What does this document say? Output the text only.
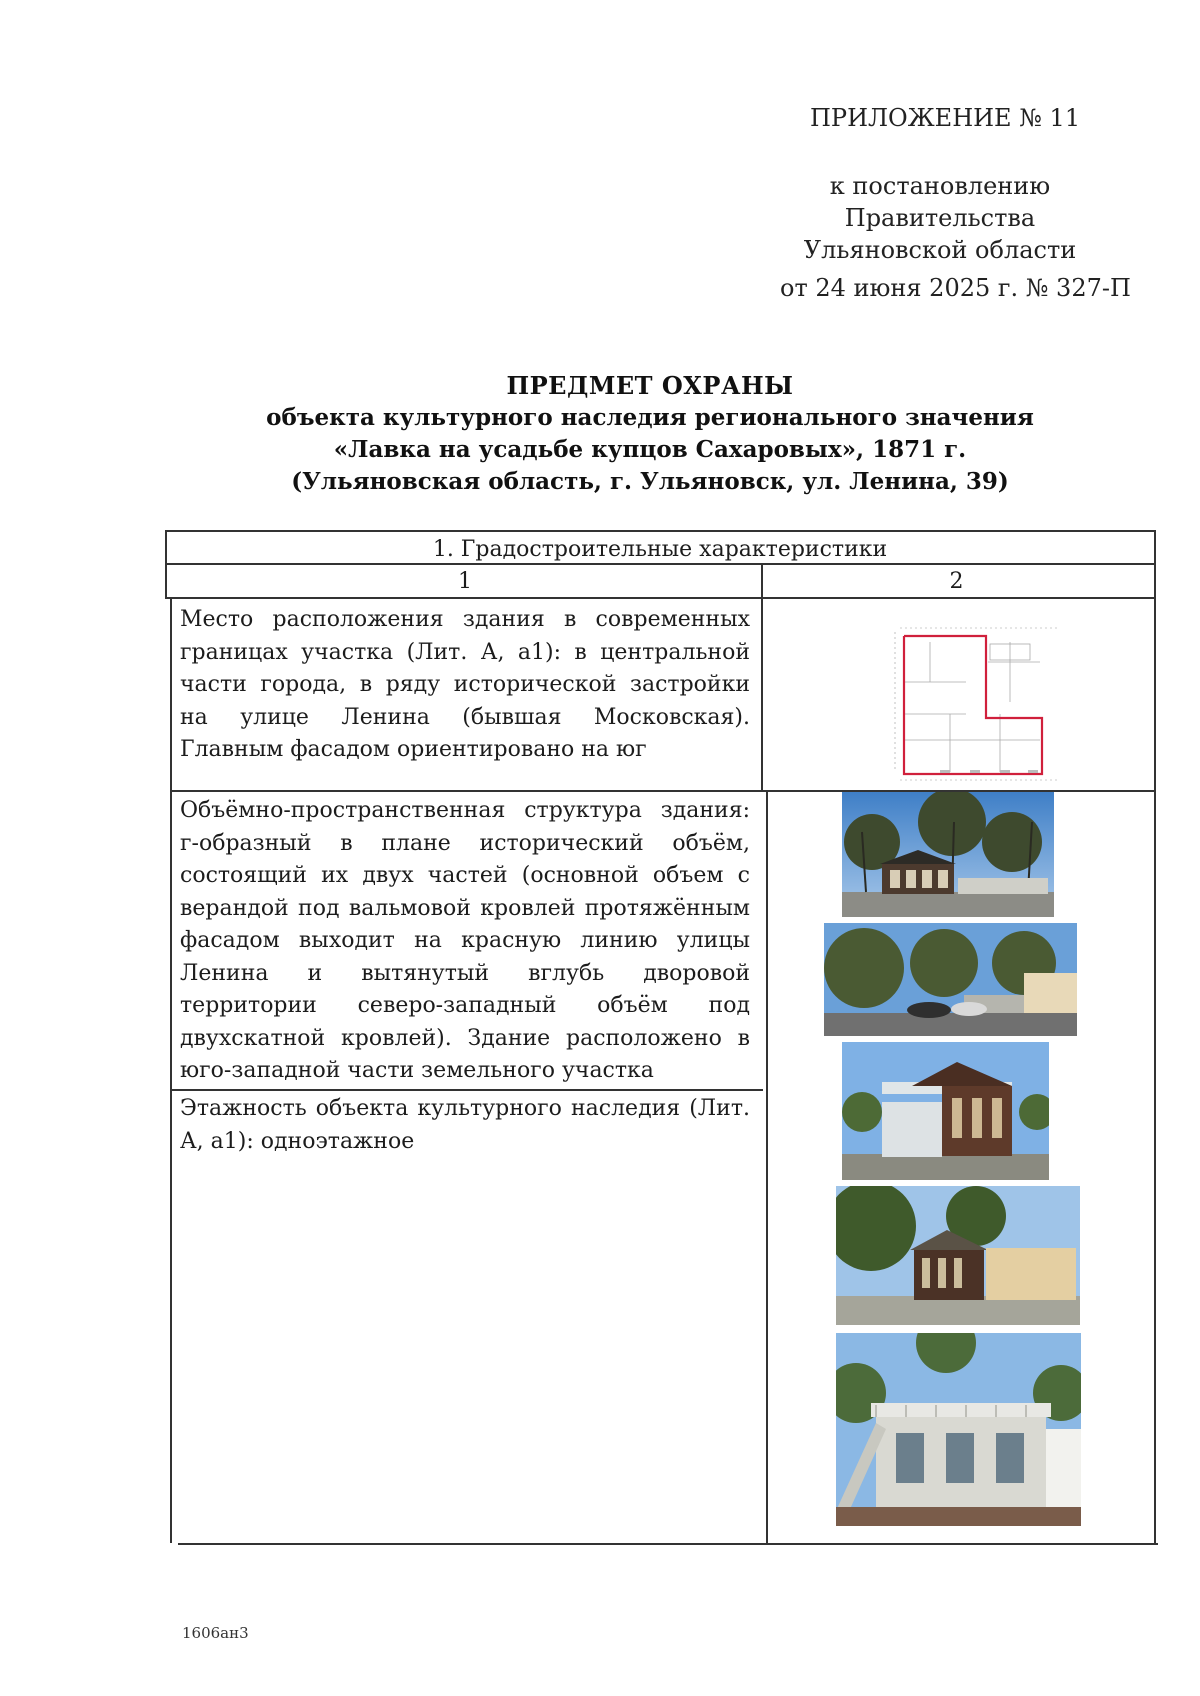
ПРИЛОЖЕНИЕ № 11
к постановлению Правительства
Ульяновской области
от 24 июня 2025 г. № 327-П
ПРЕДМЕТ ОХРАНЫ
объекта культурного наследия регионального значения
«Лавка на усадьбе купцов Сахаровых», 1871 г.
(Ульяновская область, г. Ульяновск, ул. Ленина, 39)
1. Градостроительные характеристики
1	2

Место расположения здания в современных границах участка (Лит. А, а1): в центральной части города, в ряду исторической застройки на улице Ленина (бывшая Московская). Главным фасадом ориентировано на юг

Объёмно-пространственная структура здания: г-образный в плане исторический объём, состоящий их двух частей (основной объем с верандой под вальмовой кровлей протяжённым фасадом выходит на красную линию улицы Ленина и вытянутый вглубь дворовой территории северо-западный объём под двухскатной кровлей). Здание расположено в юго-западной части земельного участка

Этажность объекта культурного наследия (Лит. А, а1): одноэтажное

1606ан3
